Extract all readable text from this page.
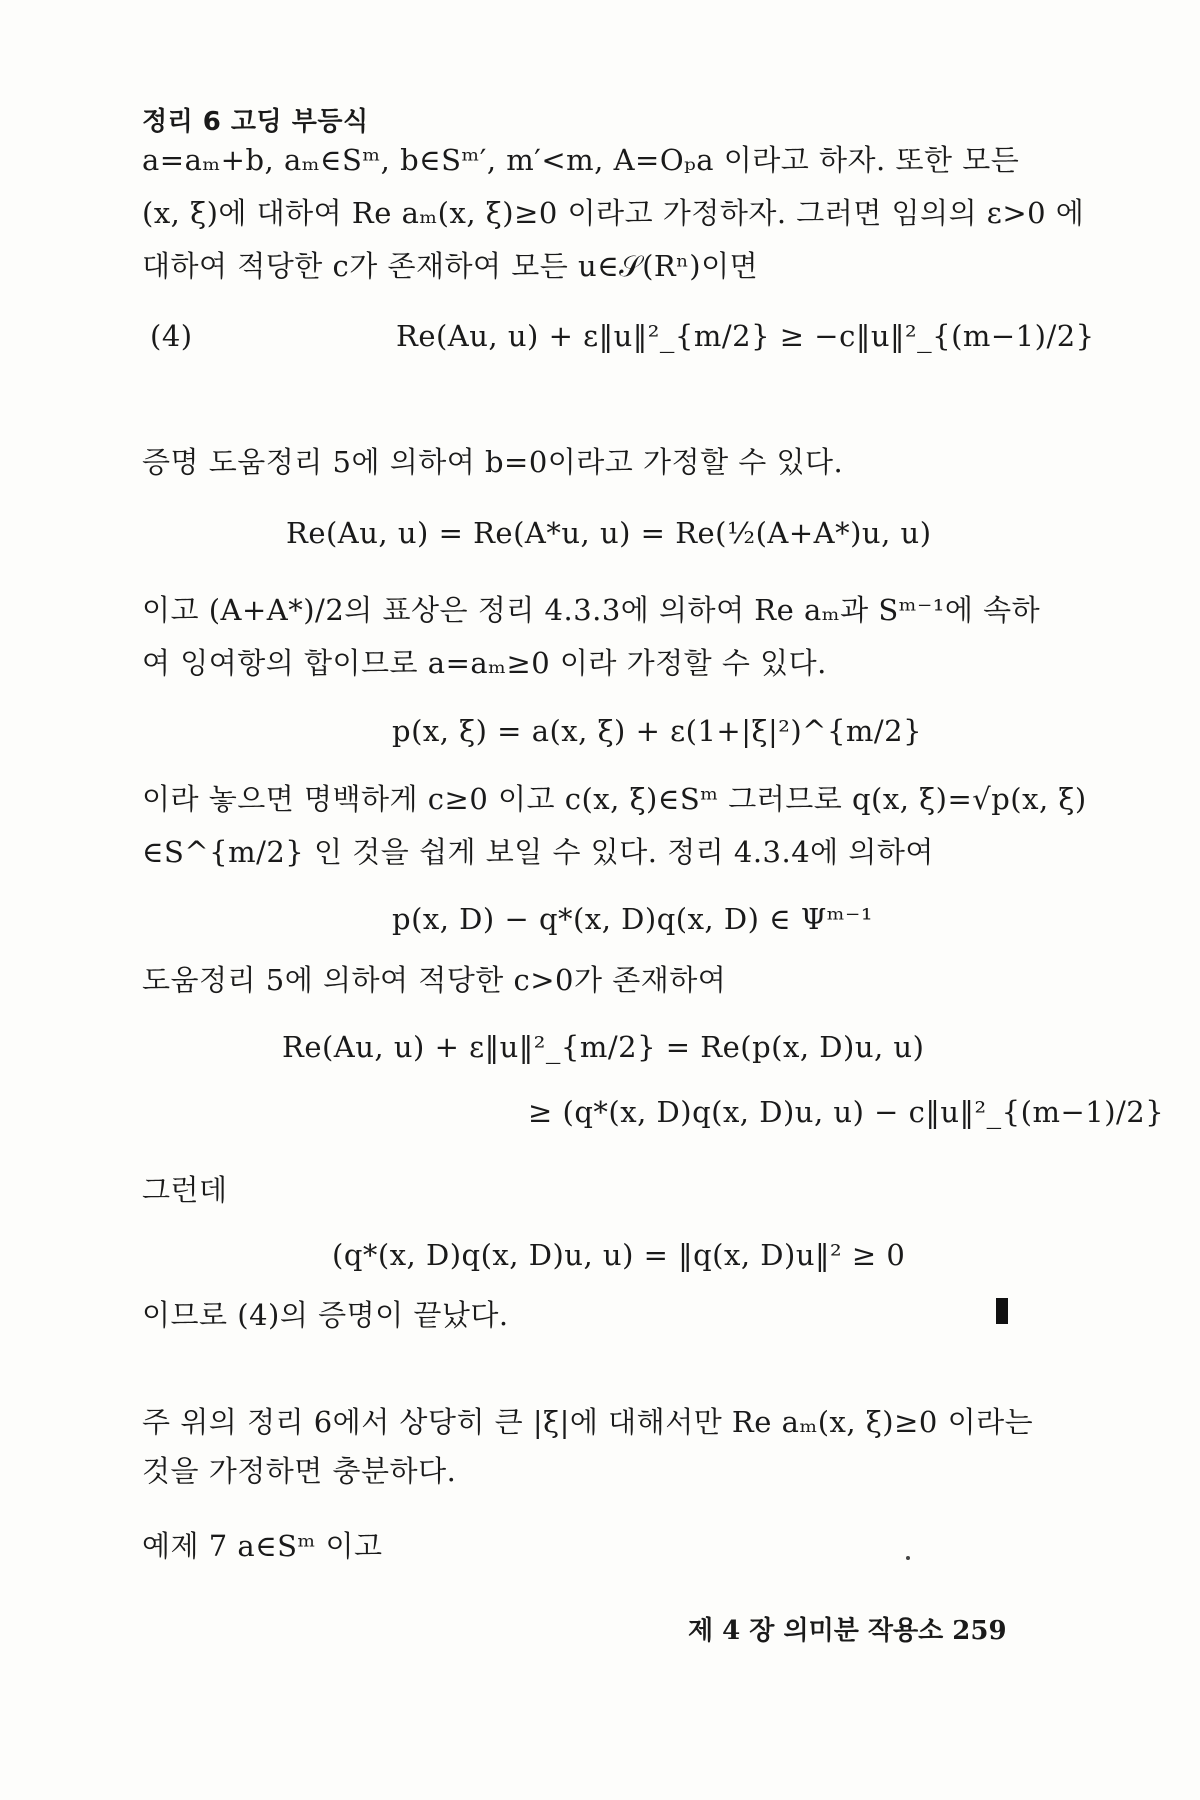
정리 6 고딩 부등식
a=aₘ+b, aₘ∈Sᵐ, b∈Sᵐ′, m′<m, A=Oₚa 이라고 하자. 또한 모든
(x, ξ)에 대하여 Re aₘ(x, ξ)≥0 이라고 가정하자. 그러면 임의의 ε>0 에
대하여 적당한 c가 존재하여 모든 u∈𝒮(Rⁿ)이면
(4)	Re(Au, u) + ε‖u‖²_{m/2} ≥ −c‖u‖²_{(m−1)/2}
증명 도움정리 5에 의하여 b=0이라고 가정할 수 있다.
Re(Au, u) = Re(A*u, u) = Re(½(A+A*)u, u)
이고 (A+A*)/2의 표상은 정리 4.3.3에 의하여 Re aₘ과 Sᵐ⁻¹에 속하
여 잉여항의 합이므로 a=aₘ≥0 이라 가정할 수 있다.
p(x, ξ) = a(x, ξ) + ε(1+|ξ|²)^{m/2}
이라 놓으면 명백하게 c≥0 이고 c(x, ξ)∈Sᵐ 그러므로 q(x, ξ)=√p(x, ξ)
∈S^{m/2} 인 것을 쉽게 보일 수 있다. 정리 4.3.4에 의하여
p(x, D) − q*(x, D)q(x, D) ∈ Ψᵐ⁻¹
도움정리 5에 의하여 적당한 c>0가 존재하여
Re(Au, u) + ε‖u‖²_{m/2} = Re(p(x, D)u, u)
≥ (q*(x, D)q(x, D)u, u) − c‖u‖²_{(m−1)/2}
그런데
(q*(x, D)q(x, D)u, u) = ‖q(x, D)u‖² ≥ 0
이므로 (4)의 증명이 끝났다.
주 위의 정리 6에서 상당히 큰 |ξ|에 대해서만 Re aₘ(x, ξ)≥0 이라는
것을 가정하면 충분하다.
예제 7 a∈Sᵐ 이고
제 4 장 의미분 작용소 259
